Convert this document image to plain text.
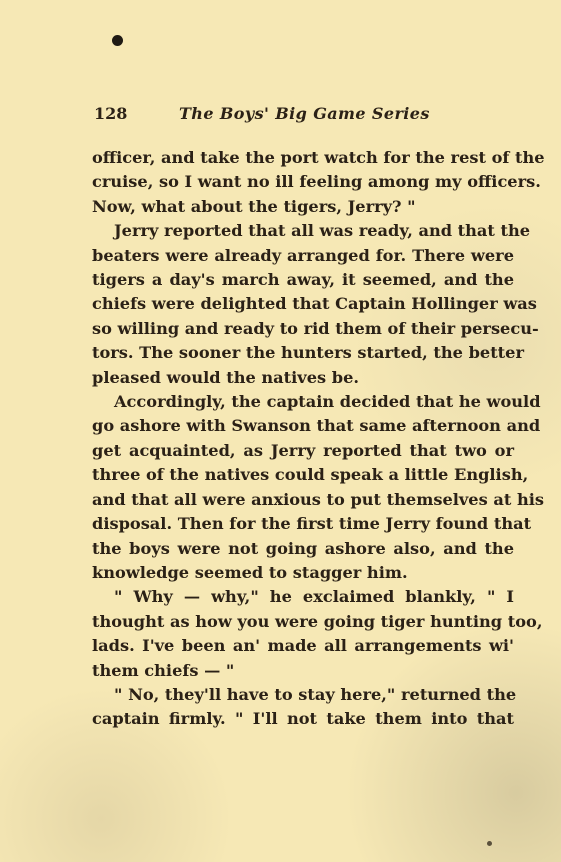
128	The Boys' Big Game Series
officer, and take the port watch for the rest of the
cruise, so I want no ill feeling among my officers.
Now, what about the tigers, Jerry? "
Jerry reported that all was ready, and that the
beaters were already arranged for. There were
tigers a day's march away, it seemed, and the
chiefs were delighted that Captain Hollinger was
so willing and ready to rid them of their persecu-
tors. The sooner the hunters started, the better
pleased would the natives be.
Accordingly, the captain decided that he would
go ashore with Swanson that same afternoon and
get acquainted, as Jerry reported that two or
three of the natives could speak a little English,
and that all were anxious to put themselves at his
disposal. Then for the first time Jerry found that
the boys were not going ashore also, and the
knowledge seemed to stagger him.
" Why — why," he exclaimed blankly, " I
thought as how you were going tiger hunting too,
lads. I've been an' made all arrangements wi'
them chiefs — "
" No, they'll have to stay here," returned the
captain firmly. " I'll not take them into that
